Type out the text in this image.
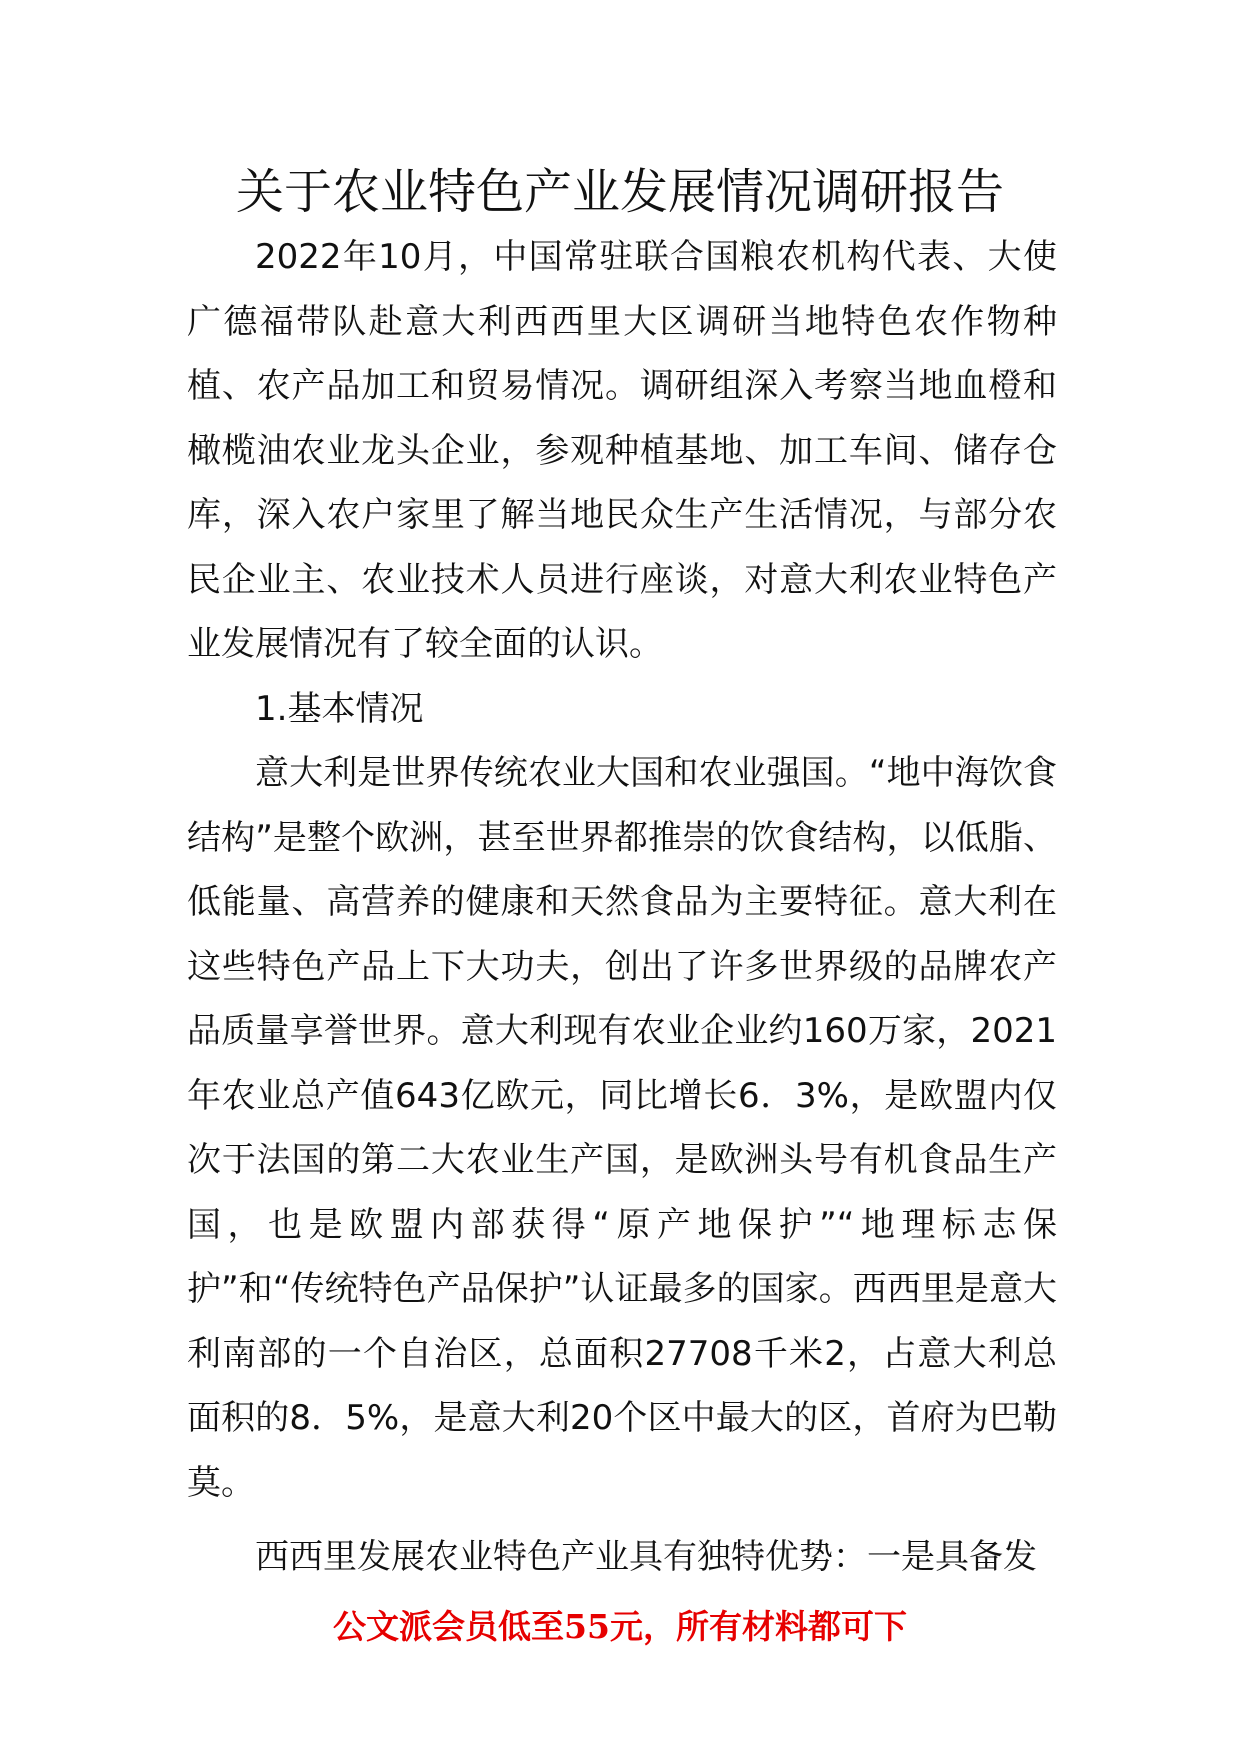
关于农业特色产业发展情况调研报告

2022年10月，中国常驻联合国粮农机构代表、大使广德福带队赴意大利西西里大区调研当地特色农作物种植、农产品加工和贸易情况。调研组深入考察当地血橙和橄榄油农业龙头企业，参观种植基地、加工车间、储存仓库，深入农户家里了解当地民众生产生活情况，与部分农民企业主、农业技术人员进行座谈，对意大利农业特色产业发展情况有了较全面的认识。

1.基本情况

意大利是世界传统农业大国和农业强国。“地中海饮食结构”是整个欧洲，甚至世界都推崇的饮食结构，以低脂、低能量、高营养的健康和天然食品为主要特征。意大利在这些特色产品上下大功夫，创出了许多世界级的品牌农产品质量享誉世界。意大利现有农业企业约160万家，2021年农业总产值643亿欧元，同比增长6．3%，是欧盟内仅次于法国的第二大农业生产国，是欧洲头号有机食品生产国，也是欧盟内部获得“原产地保护”“地理标志保护”和“传统特色产品保护”认证最多的国家。西西里是意大利南部的一个自治区，总面积27708千米2，占意大利总面积的8．5%，是意大利20个区中最大的区，首府为巴勒莫。

西西里发展农业特色产业具有独特优势：一是具备发

公文派会员低至55元，所有材料都可下
